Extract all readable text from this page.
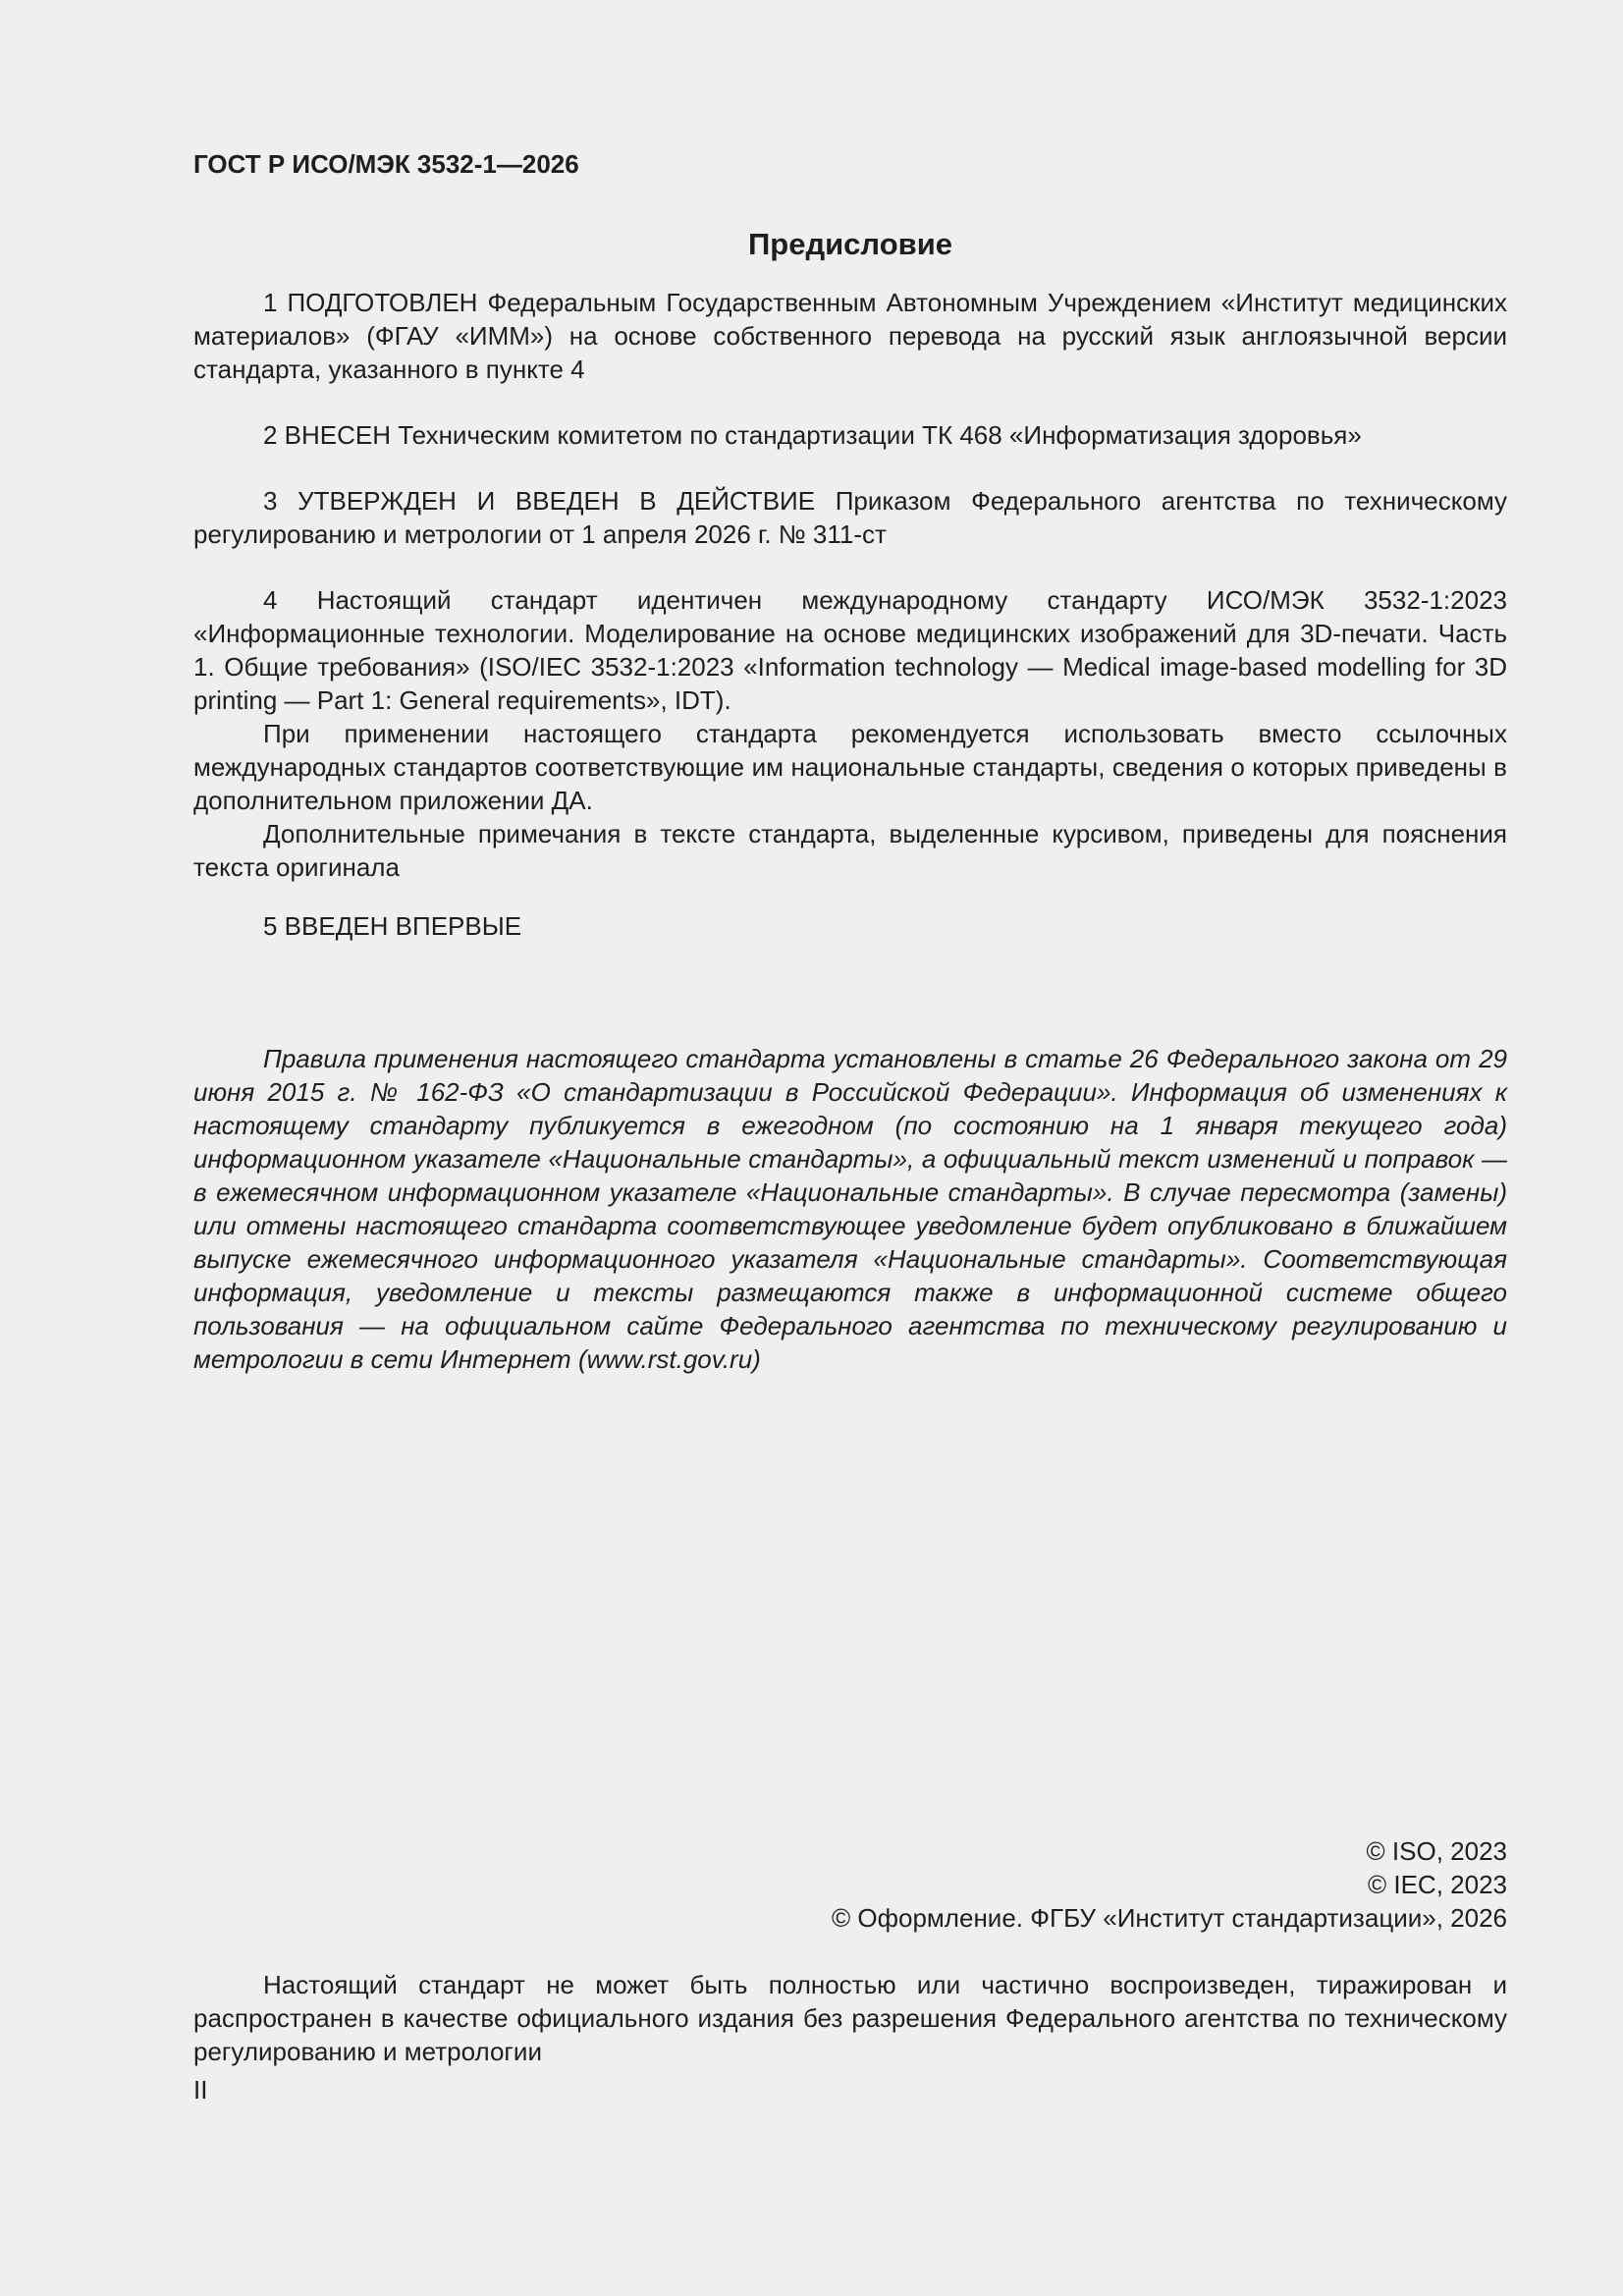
ГОСТ Р ИСО/МЭК 3532-1—2026
Предисловие

1 ПОДГОТОВЛЕН Федеральным Государственным Автономным Учреждением «Институт медицинских материалов» (ФГАУ «ИММ») на основе собственного перевода на русский язык англоязычной версии стандарта, указанного в пункте 4

2 ВНЕСЕН Техническим комитетом по стандартизации ТК 468 «Информатизация здоровья»

3 УТВЕРЖДЕН И ВВЕДЕН В ДЕЙСТВИЕ Приказом Федерального агентства по техническому регулированию и метрологии от 1 апреля 2026 г. № 311-ст

4 Настоящий стандарт идентичен международному стандарту ИСО/МЭК 3532-1:2023 «Информационные технологии. Моделирование на основе медицинских изображений для 3D-печати. Часть 1. Общие требования» (ISO/IEC 3532-1:2023 «Information technology — Medical image-based modelling for 3D printing — Part 1: General requirements», IDT).

При применении настоящего стандарта рекомендуется использовать вместо ссылочных международных стандартов соответствующие им национальные стандарты, сведения о которых приведены в дополнительном приложении ДА.

Дополнительные примечания в тексте стандарта, выделенные курсивом, приведены для пояснения текста оригинала

5 ВВЕДЕН ВПЕРВЫЕ

Правила применения настоящего стандарта установлены в статье 26 Федерального закона от 29 июня 2015 г. № 162-ФЗ «О стандартизации в Российской Федерации». Информация об изменениях к настоящему стандарту публикуется в ежегодном (по состоянию на 1 января текущего года) информационном указателе «Национальные стандарты», а официальный текст изменений и поправок — в ежемесячном информационном указателе «Национальные стандарты». В случае пересмотра (замены) или отмены настоящего стандарта соответствующее уведомление будет опубликовано в ближайшем выпуске ежемесячного информационного указателя «Национальные стандарты». Соответствующая информация, уведомление и тексты размещаются также в информационной системе общего пользования — на официальном сайте Федерального агентства по техническому регулированию и метрологии в сети Интернет (www.rst.gov.ru)

© ISO, 2023
© IEC, 2023
© Оформление. ФГБУ «Институт стандартизации», 2026

Настоящий стандарт не может быть полностью или частично воспроизведен, тиражирован и распространен в качестве официального издания без разрешения Федерального агентства по техническому регулированию и метрологии

II
